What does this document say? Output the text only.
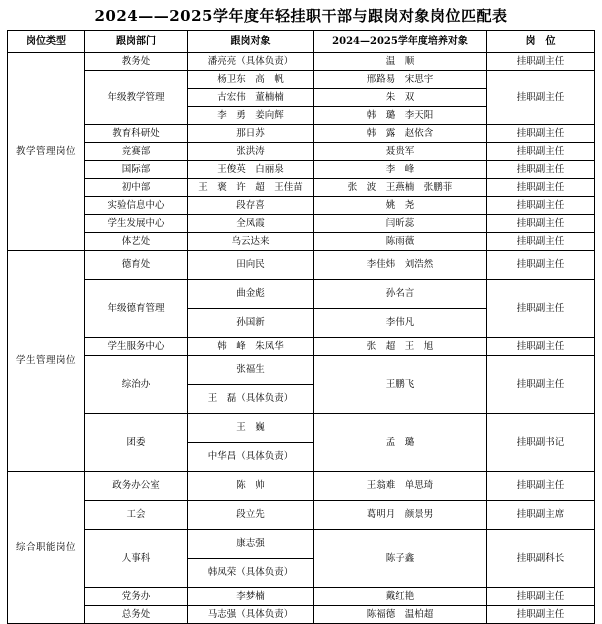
2024——2025学年度年轻挂职干部与跟岗对象岗位匹配表
岗位类型	跟岗部门	跟岗对象	2024—2025学年度培养对象	岗　位
教学管理岗位	教务处	潘亮亮（具体负责）	温　顺	挂职副主任
	年级教学管理	杨卫东　高　帆	邢路易　宋思宇	挂职副主任
		古宏伟　董楠楠	朱　双	
		李　勇　姜向辉	韩　璐　李天阳	
	教育科研处	那日苏	韩　露　赵依含	挂职副主任
	竞赛部	张洪涛	聂贵军	挂职副主任
	国际部	王俊英　白丽泉	李　峰	挂职副主任
	初中部	王　褒　许　超　王佳苗	张　波　王燕楠　张鹏菲	挂职副主任
	实验信息中心	段存喜	姚　尧	挂职副主任
	学生发展中心	全凤霞	闫昕蕊	挂职副主任
	体艺处	乌云达来	陈雨薇	挂职副主任
学生管理岗位	德育处	田向民	李佳炜　刘浩然	挂职副主任
	年级德育管理	曲金彪	孙名言	挂职副主任
		孙国新	李伟凡	
	学生服务中心	韩　峰　朱凤华	张　超　王　旭	挂职副主任
	综治办	张福生	王鹏飞	挂职副主任
		王　磊（具体负责）		
	团委	王　巍	孟　璐	挂职副书记
		中华昌（具体负责）		
综合职能岗位	政务办公室	陈　帅	王翁难　单思琦	挂职副主任
	工会	段立先	葛明月　颜景男	挂职副主席
	人事科	康志强	陈子鑫	挂职副科长
		韩凤荣（具体负责）		
	党务办	李梦楠	戴红艳	挂职副主任
	总务处	马志强（具体负责）	陈福德　温柏超	挂职副主任
